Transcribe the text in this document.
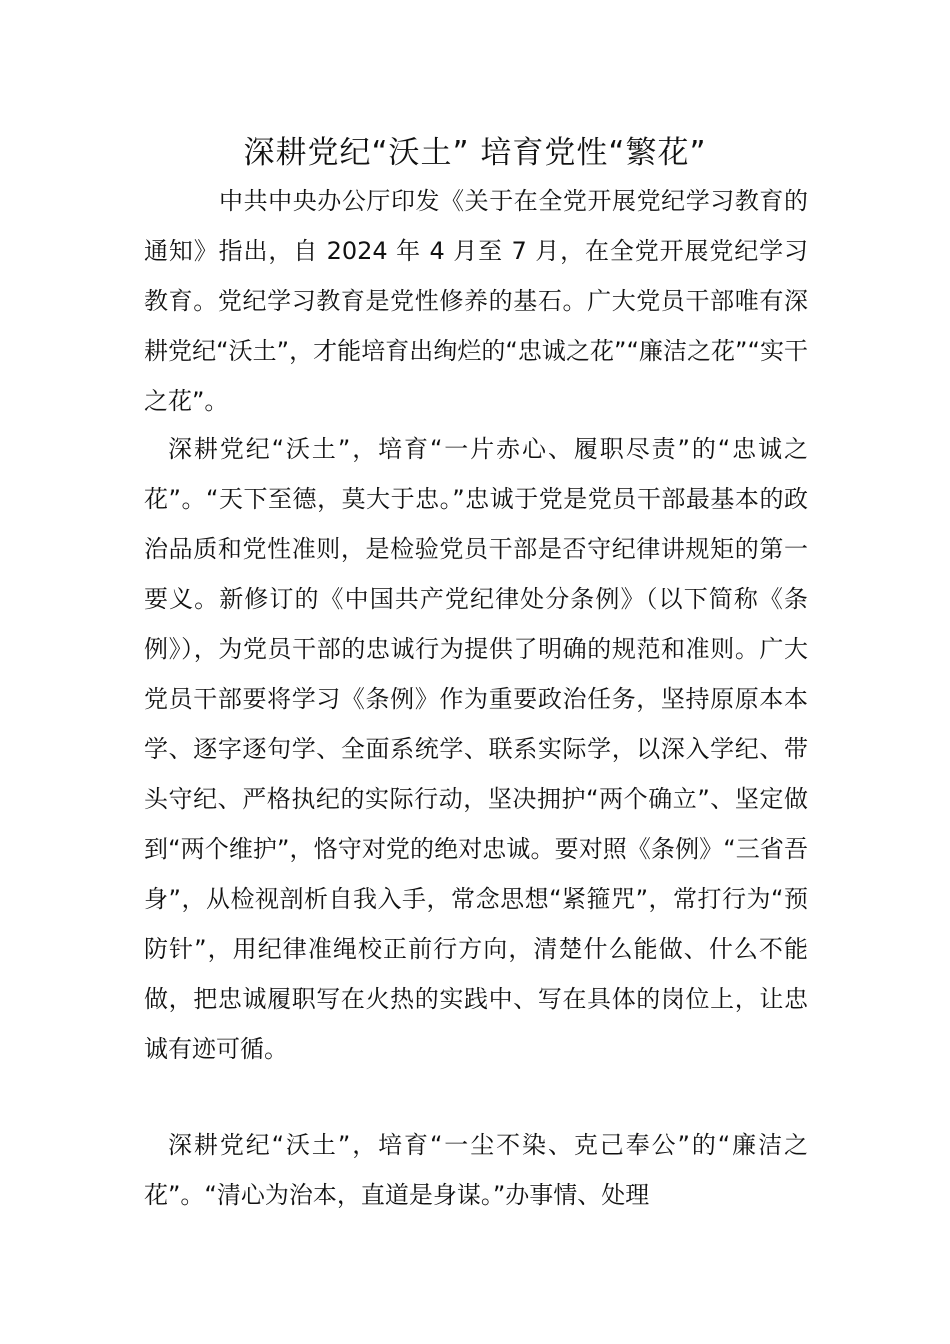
深耕党纪“沃土” 培育党性“繁花”

中共中央办公厅印发《关于在全党开展党纪学习教育的通知》指出，自 2024 年 4 月至 7 月，在全党开展党纪学习教育。党纪学习教育是党性修养的基石。广大党员干部唯有深耕党纪“沃土”，才能培育出绚烂的“忠诚之花”“廉洁之花”“实干之花”。

深耕党纪“沃土”，培育“一片赤心、履职尽责”的“忠诚之花”。“天下至德，莫大于忠。”忠诚于党是党员干部最基本的政治品质和党性准则，是检验党员干部是否守纪律讲规矩的第一要义。新修订的《中国共产党纪律处分条例》（以下简称《条例》），为党员干部的忠诚行为提供了明确的规范和准则。广大党员干部要将学习《条例》作为重要政治任务，坚持原原本本学、逐字逐句学、全面系统学、联系实际学，以深入学纪、带头守纪、严格执纪的实际行动，坚决拥护“两个确立”、坚定做到“两个维护”，恪守对党的绝对忠诚。要对照《条例》“三省吾身”，从检视剖析自我入手，常念思想“紧箍咒”，常打行为“预防针”，用纪律准绳校正前行方向，清楚什么能做、什么不能做，把忠诚履职写在火热的实践中、写在具体的岗位上，让忠诚有迹可循。

深耕党纪“沃土”，培育“一尘不染、克己奉公”的“廉洁之花”。“清心为治本，直道是身谋。”办事情、处理
